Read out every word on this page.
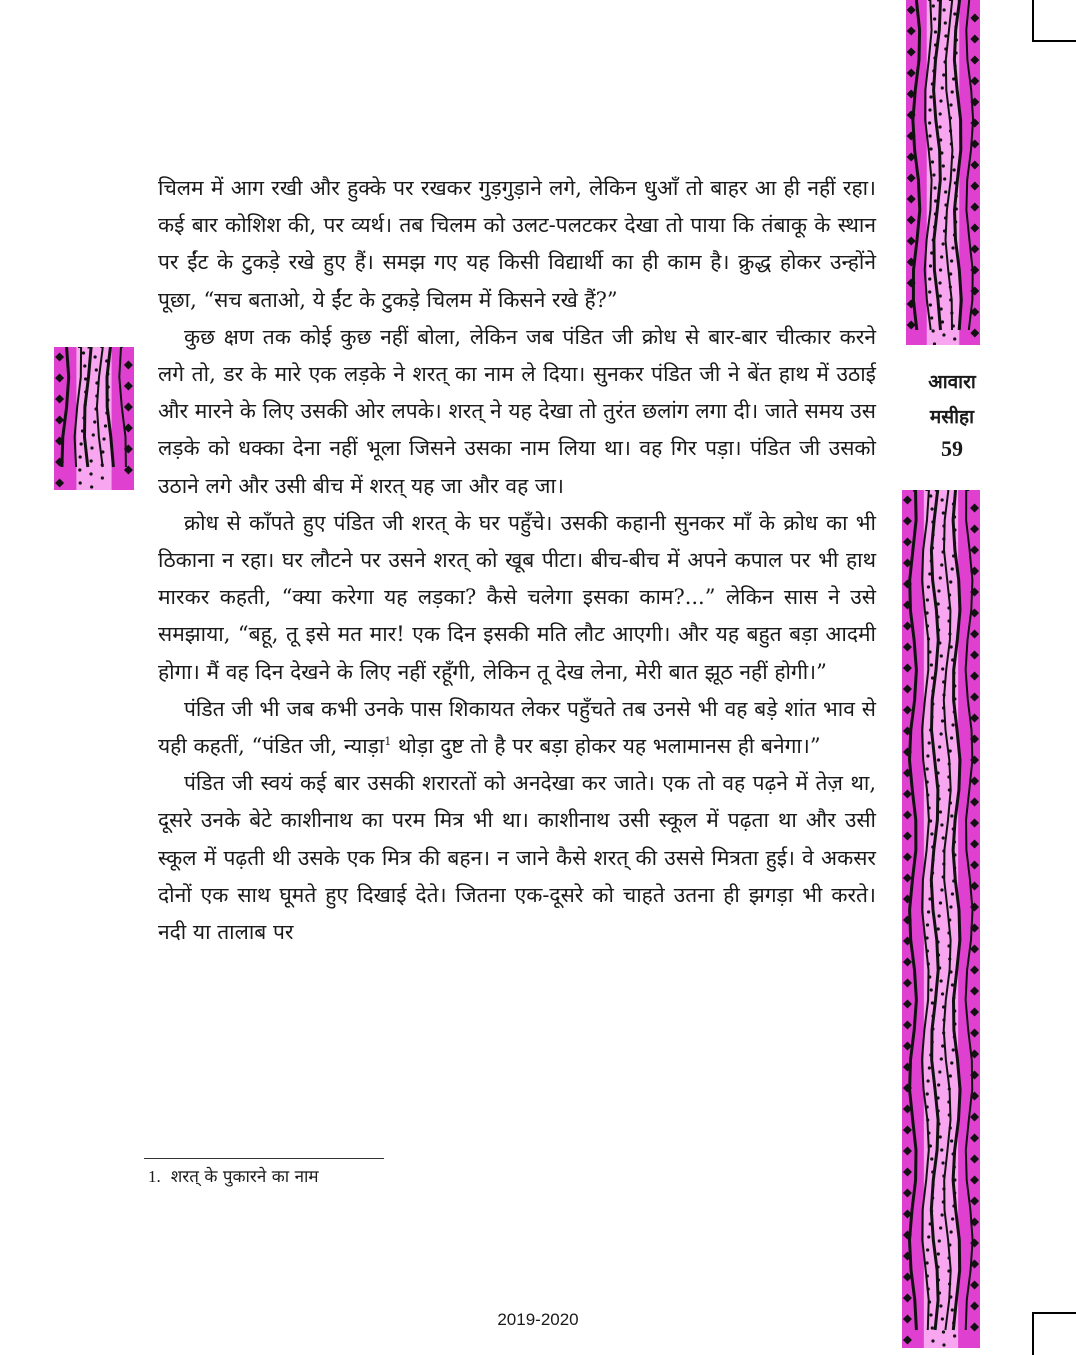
आवारा
मसीहा
59

चिलम में आग रखी और हुक्के पर रखकर गुड़गुड़ाने लगे, लेकिन धुआँ तो बाहर आ ही नहीं रहा। कई बार कोशिश की, पर व्यर्थ। तब चिलम को उलट-पलटकर देखा तो पाया कि तंबाकू के स्थान पर ईंट के टुकड़े रखे हुए हैं। समझ गए यह किसी विद्यार्थी का ही काम है। क्रुद्ध होकर उन्होंने पूछा, “सच बताओ, ये ईंट के टुकड़े चिलम में किसने रखे हैं?”

कुछ क्षण तक कोई कुछ नहीं बोला, लेकिन जब पंडित जी क्रोध से बार-बार चीत्कार करने लगे तो, डर के मारे एक लड़के ने शरत् का नाम ले दिया। सुनकर पंडित जी ने बेंत हाथ में उठाई और मारने के लिए उसकी ओर लपके। शरत् ने यह देखा तो तुरंत छलांग लगा दी। जाते समय उस लड़के को धक्का देना नहीं भूला जिसने उसका नाम लिया था। वह गिर पड़ा। पंडित जी उसको उठाने लगे और उसी बीच में शरत् यह जा और वह जा।

क्रोध से काँपते हुए पंडित जी शरत् के घर पहुँचे। उसकी कहानी सुनकर माँ के क्रोध का भी ठिकाना न रहा। घर लौटने पर उसने शरत् को खूब पीटा। बीच-बीच में अपने कपाल पर भी हाथ मारकर कहती, “क्या करेगा यह लड़का? कैसे चलेगा इसका काम?...” लेकिन सास ने उसे समझाया, “बहू, तू इसे मत मार! एक दिन इसकी मति लौट आएगी। और यह बहुत बड़ा आदमी होगा। मैं वह दिन देखने के लिए नहीं रहूँगी, लेकिन तू देख लेना, मेरी बात झूठ नहीं होगी।”

पंडित जी भी जब कभी उनके पास शिकायत लेकर पहुँचते तब उनसे भी वह बड़े शांत भाव से यही कहतीं, “पंडित जी, न्याड़ा$^1$ थोड़ा दुष्ट तो है पर बड़ा होकर यह भलामानस ही बनेगा।”

पंडित जी स्वयं कई बार उसकी शरारतों को अनदेखा कर जाते। एक तो वह पढ़ने में तेज़ था, दूसरे उनके बेटे काशीनाथ का परम मित्र भी था। काशीनाथ उसी स्कूल में पढ़ता था और उसी स्कूल में पढ़ती थी उसके एक मित्र की बहन। न जाने कैसे शरत् की उससे मित्रता हुई। वे अकसर दोनों एक साथ घूमते हुए दिखाई देते। जितना एक-दूसरे को चाहते उतना ही झगड़ा भी करते। नदी या तालाब पर

1. शरत् के पुकारने का नाम
2019-2020
